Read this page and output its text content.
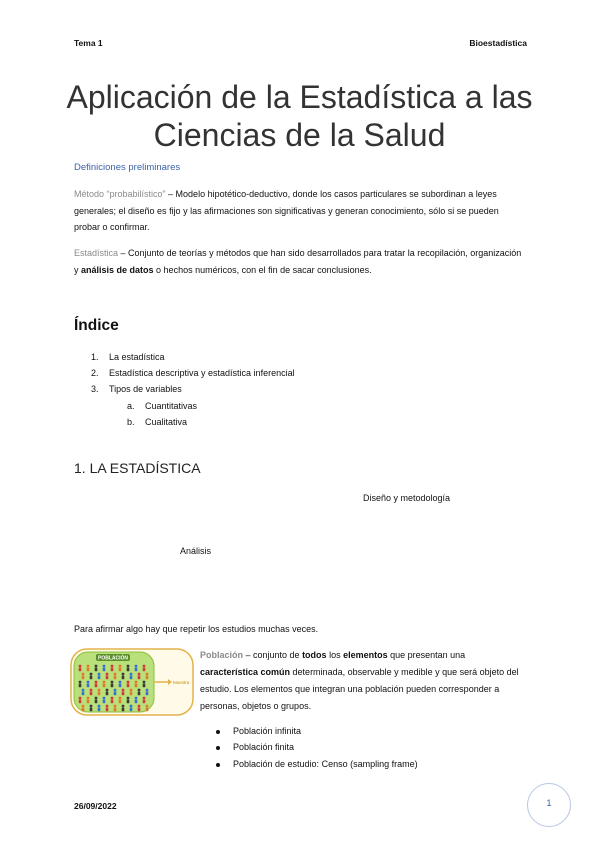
Tema 1	Bioestadística
Aplicación de la Estadística a las
Ciencias de la Salud
Definiciones preliminares
Método “probabilístico” – Modelo hipotético-deductivo, donde los casos particulares se subordinan a leyes generales; el diseño es fijo y las afirmaciones son significativas y generan conocimiento, sólo si se pueden probar o confirmar.
Estadística – Conjunto de teorías y métodos que han sido desarrollados para tratar la recopilación, organización y análisis de datos o hechos numéricos, con el fin de sacar conclusiones.
Índice
1. La estadística
2. Estadística descriptiva y estadística inferencial
3. Tipos de variables
a. Cuantitativas
b. Cualitativa
1. LA ESTADÍSTICA
Diseño y metodología
Análisis
Para afirmar algo hay que repetir los estudios muchas veces.
POBLACIÓN
Muestra
Población – conjunto de todos los elementos que presentan una característica común determinada, observable y medible y que será objeto del estudio. Los elementos que integran una población pueden corresponder a personas, objetos o grupos.
Población infinita
Población finita
Población de estudio: Censo (sampling frame)
26/09/2022	1
